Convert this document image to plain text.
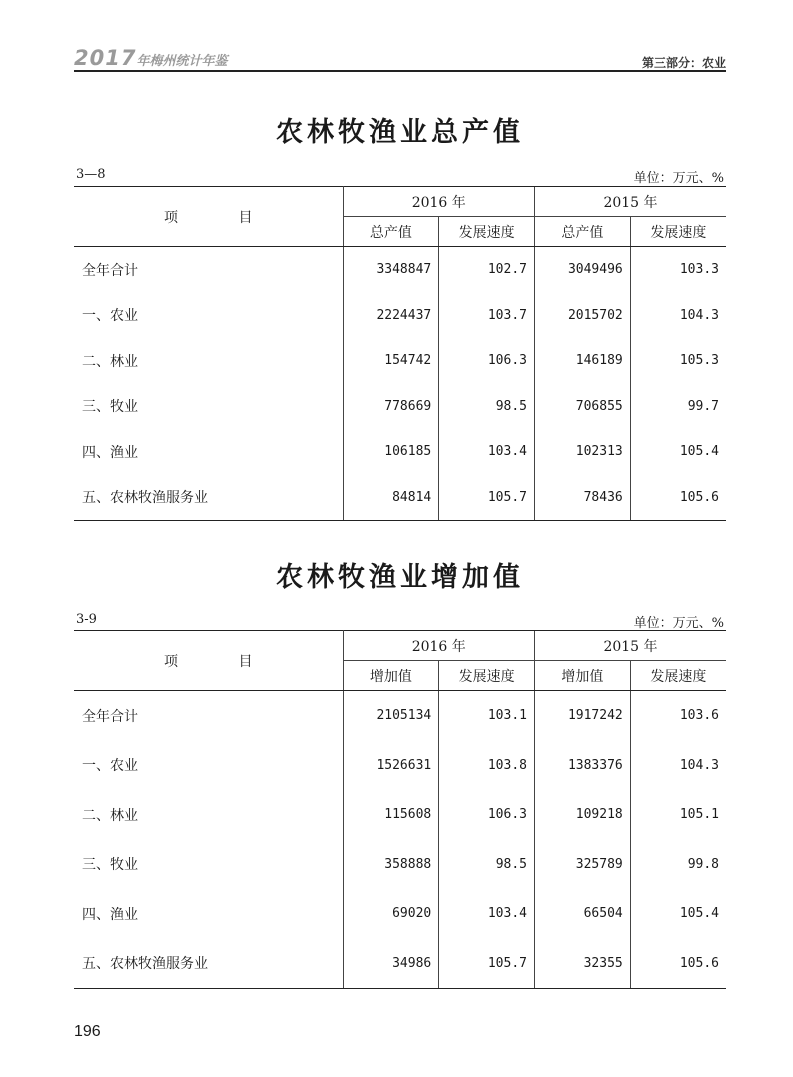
2017年梅州统计年鉴	第三部分：农业
农林牧渔业总产值
3—8	单位：万元、%
项 目	2016 年		2015 年	
	总产值	发展速度	总产值	发展速度
全年合计	3348847	102.7	3049496	103.3
一、农业	2224437	103.7	2015702	104.3
二、林业	154742	106.3	146189	105.3
三、牧业	778669	98.5	706855	99.7
四、渔业	106185	103.4	102313	105.4
五、农林牧渔服务业	84814	105.7	78436	105.6
农林牧渔业增加值
3-9	单位：万元、%
项 目	2016 年		2015 年	
	增加值	发展速度	增加值	发展速度
全年合计	2105134	103.1	1917242	103.6
一、农业	1526631	103.8	1383376	104.3
二、林业	115608	106.3	109218	105.1
三、牧业	358888	98.5	325789	99.8
四、渔业	69020	103.4	66504	105.4
五、农林牧渔服务业	34986	105.7	32355	105.6
196
